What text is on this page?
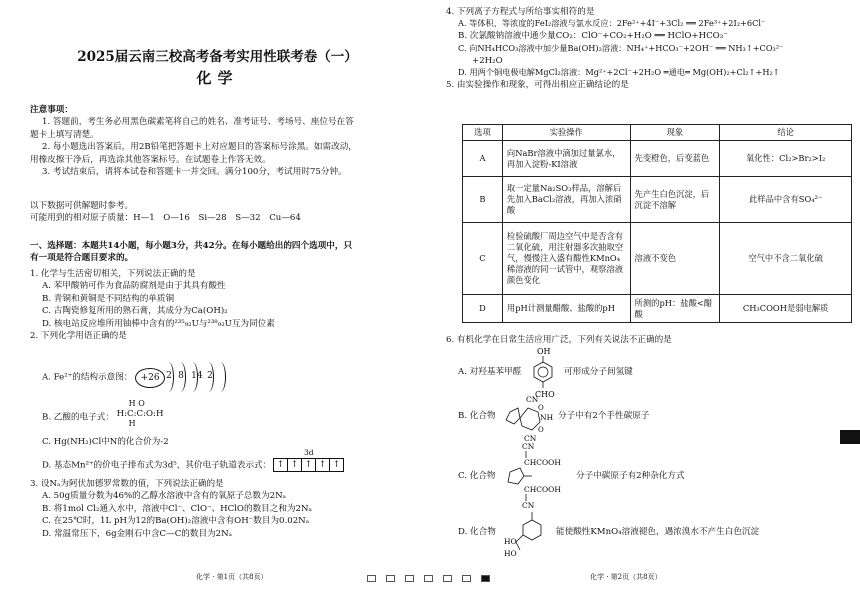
2025届云南三校高考备考实用性联考卷（一）
化学
注意事项：
1. 答题前，考生务必用黑色碳素笔将自己的姓名、准考证号、考场号、座位号在答
题卡上填写清楚。
2. 每小题选出答案后，用2B铅笔把答题卡上对应题目的答案标号涂黑。如需改动，
用橡皮擦干净后，再选涂其他答案标号。在试题卷上作答无效。
3. 考试结束后，请将本试卷和答题卡一并交回。满分100分，考试用时75分钟。
以下数据可供解题时参考。
可能用到的相对原子质量：H—1　O—16　Si—28　S—32　Cu—64
一、选择题：本题共14小题，每小题3分，共42分。在每小题给出的四个选项中，只
有一项是符合题目要求的。
1. 化学与生活密切相关，下列说法正确的是
A. 苯甲酸钠可作为食品防腐剂是由于其具有酸性
B. 青铜和黄铜是不同结构的单质铜
C. 古陶瓷修复所用的熟石膏，其成分为Ca(OH)₂
D. 核电站反应堆所用铀棒中含有的²³⁵₉₂U与²³⁸₉₂U互为同位素
2. 下列化学用语正确的是
A. Fe²⁺的结构示意图： +26 2 8 14 2
B. 乙酸的电子式：
H O
H:C:C:O:H
H
C. Hg(NH₂)Cl中N的化合价为-2
D. 基态Mn²⁺的价电子排布式为3d⁵，其价电子轨道表示式：
3d
↑ ↑ ↑ ↑ ↑
3. 设Nₐ为阿伏加德罗常数的值，下列说法正确的是
A. 50g质量分数为46%的乙醇水溶液中含有的氧原子总数为2Nₐ
B. 将1mol Cl₂通入水中，溶液中Cl⁻、ClO⁻、HClO的数目之和为2Nₐ
C. 在25℃时，1L pH为12的Ba(OH)₂溶液中含有OH⁻数目为0.02Nₐ
D. 常温常压下，6g金刚石中含C—C的数目为2Nₐ
化学 · 第1页（共8页）
4. 下列离子方程式与所给事实相符的是
A. 等体积、等浓度的FeI₂溶液与氯水反应：2Fe²⁺+4I⁻+3Cl₂ ══ 2Fe³⁺+2I₂+6Cl⁻
B. 次氯酸钠溶液中通少量CO₂：ClO⁻+CO₂+H₂O ══ HClO+HCO₃⁻
C. 向NH₄HCO₃溶液中加少量Ba(OH)₂溶液：NH₄⁺+HCO₃⁻+2OH⁻ ══ NH₃↑+CO₃²⁻
+2H₂O
D. 用两个铜电极电解MgCl₂溶液：Mg²⁺+2Cl⁻+2H₂O ═通电═ Mg(OH)₂+Cl₂↑+H₂↑
5. 由实验操作和现象，可得出相应正确结论的是
选项	实验操作	现象	结论
A	向NaBr溶液中滴加过量氯水，再加入淀粉-KI溶液	先变橙色，后变蓝色	氧化性：Cl₂>Br₂>I₂
B	取一定量Na₂SO₃样品，溶解后先加入BaCl₂溶液，再加入浓硝酸	先产生白色沉淀，后沉淀不溶解	此样品中含有SO₄²⁻
C	检验硫酸厂周边空气中是否含有二氧化硫，用注射器多次抽取空气，慢慢注入盛有酸性KMnO₄稀溶液的同一试管中，观察溶液颜色变化	溶液不变色	空气中不含二氧化硫
D	用pH计测量醋酸、盐酸的pH	所测的pH：盐酸<醋酸	CH₃COOH是弱电解质
6. 有机化学在日常生活应用广泛，下列有关说法不正确的是
A. 对羟基苯甲醛
OH
CHO
可形成分子间氢键
B. 化合物
CN
NH
O
O
CN
分子中有2个手性碳原子
C. 化合物
CN
CHCOOH
CHCOOH
CN
分子中碳原子有2种杂化方式
D. 化合物
HO
HO
能使酸性KMnO₄溶液褪色，遇浓溴水不产生白色沉淀
化学 · 第2页（共8页）
